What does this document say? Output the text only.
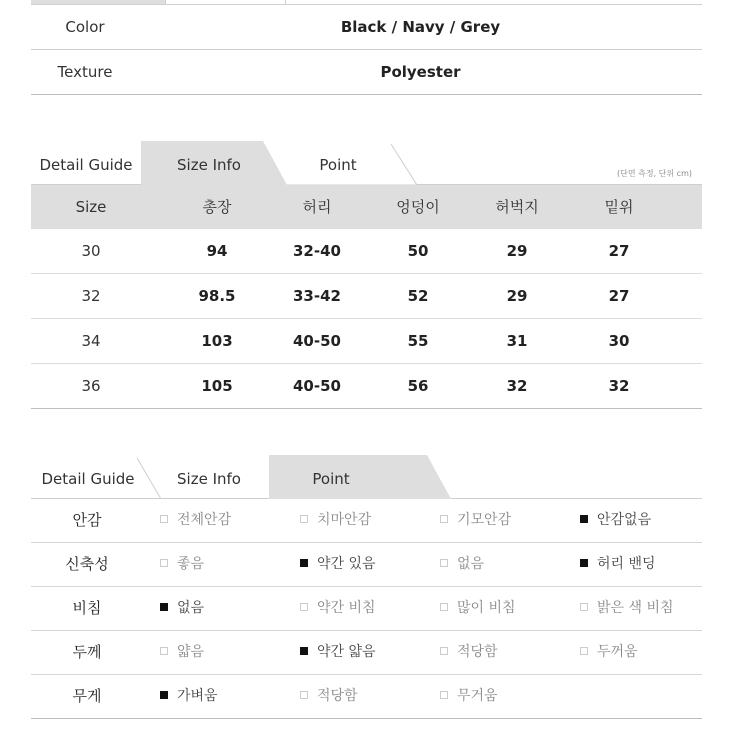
Color	Black / Navy / Grey
Texture	Polyester
Detail Guide	Size Info	Point	(단면 측정, 단위 cm)
Size	총장	허리	엉덩이	허벅지	밑위
30	94	32-40	50	29	27
32	98.5	33-42	52	29	27
34	103	40-50	55	31	30
36	105	40-50	56	32	32
Detail Guide	Size Info	Point
안감	전체안감	치마안감	기모안감	안감없음
신축성	좋음	약간 있음	없음	허리 밴딩
비침	없음	약간 비침	많이 비침	밝은 색 비침
두께	얇음	약간 얇음	적당함	두꺼움
무게	가벼움	적당함	무거움
